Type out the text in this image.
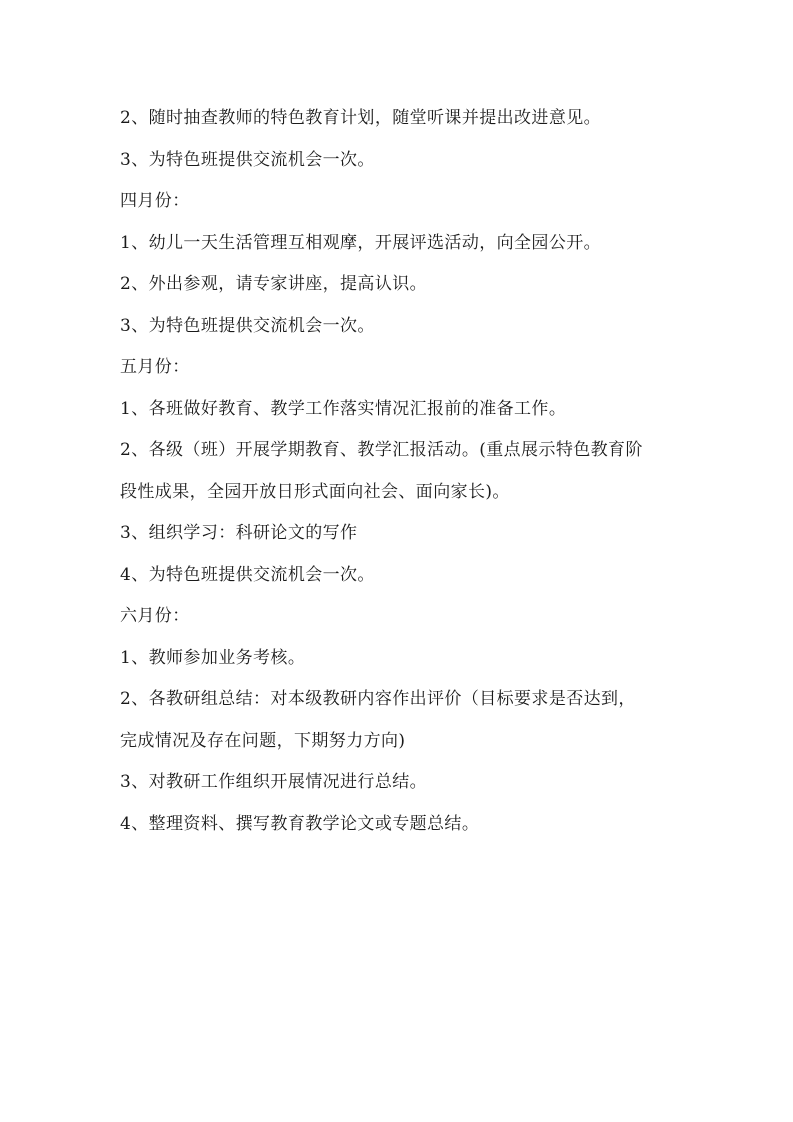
2、随时抽查教师的特色教育计划，随堂听课并提出改进意见。
3、为特色班提供交流机会一次。
四月份：
1、幼儿一天生活管理互相观摩，开展评选活动，向全园公开。
2、外出参观，请专家讲座，提高认识。
3、为特色班提供交流机会一次。
五月份：
1、各班做好教育、教学工作落实情况汇报前的准备工作。
2、各级（班）开展学期教育、教学汇报活动。(重点展示特色教育阶
段性成果，全园开放日形式面向社会、面向家长)。
3、组织学习：科研论文的写作
4、为特色班提供交流机会一次。
六月份：
1、教师参加业务考核。
2、各教研组总结：对本级教研内容作出评价（目标要求是否达到，
完成情况及存在问题，下期努力方向)
3、对教研工作组织开展情况进行总结。
4、整理资料、撰写教育教学论文或专题总结。
